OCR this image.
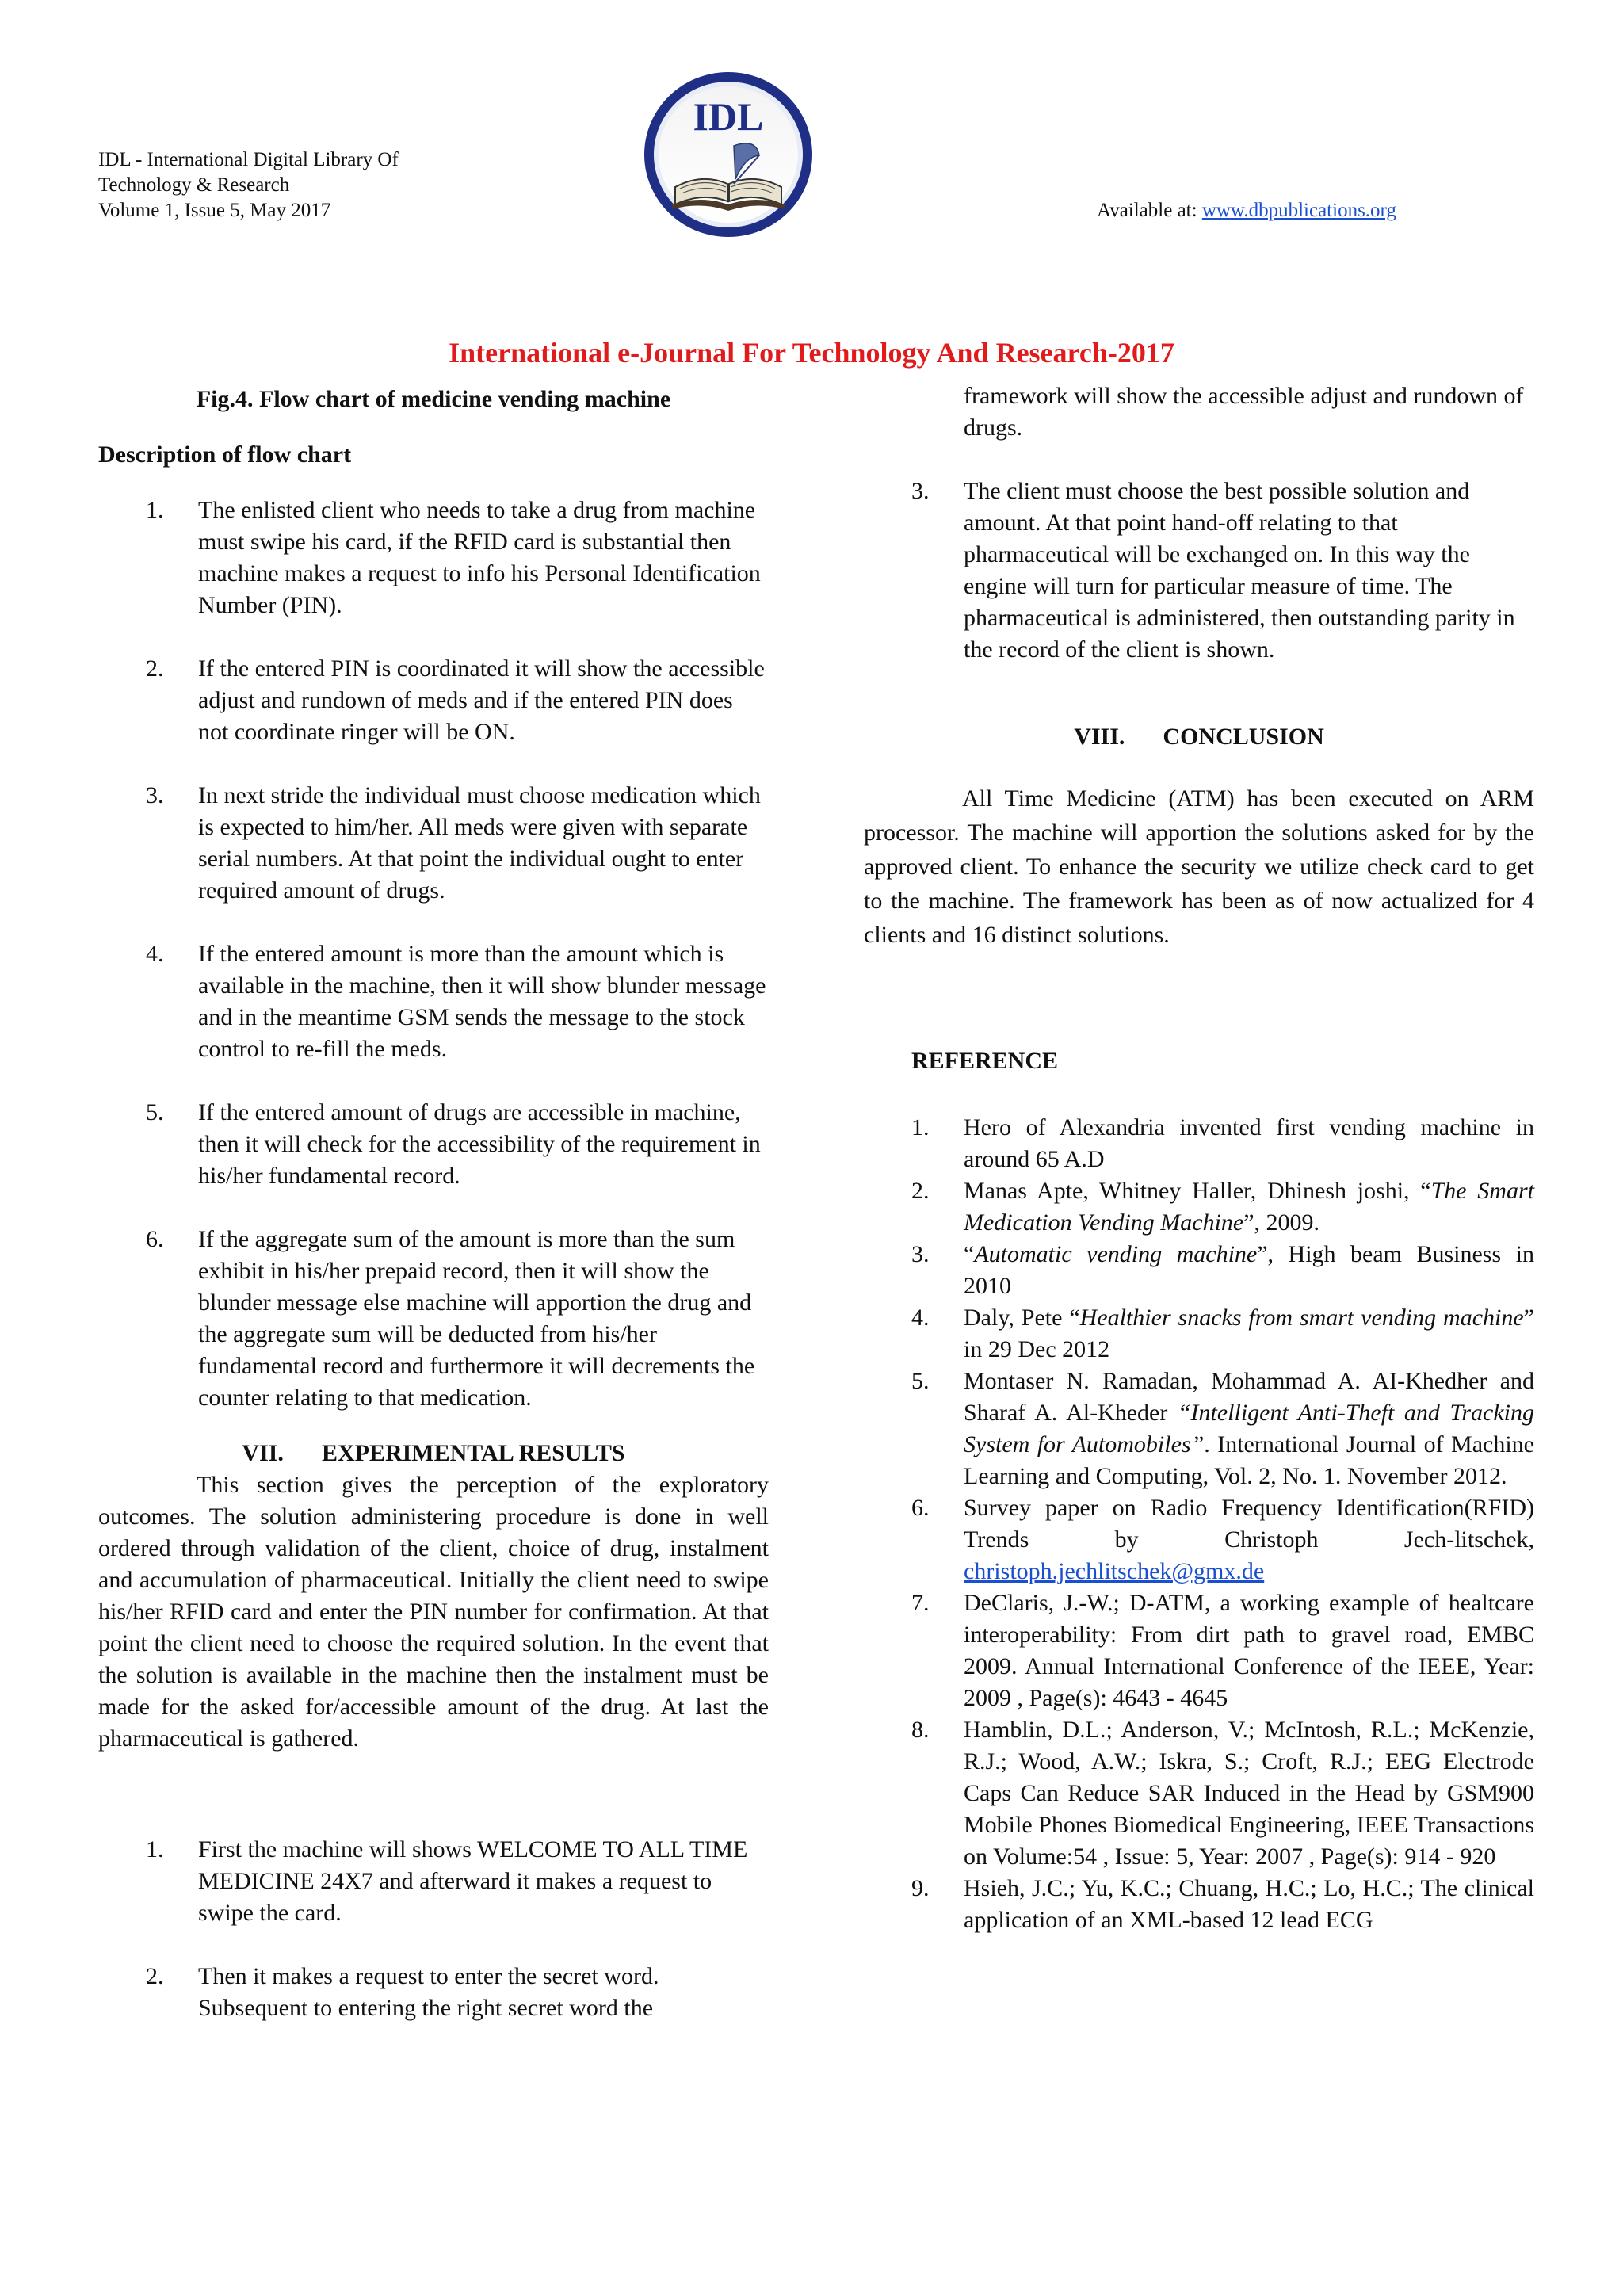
IDL - International Digital Library Of
Technology & Research
Volume 1, Issue 5, May 2017
IDL
Available at: www.dbpublications.org
International e-Journal For Technology And Research-2017
Fig.4. Flow chart of medicine vending machine
Description of flow chart
1. The enlisted client who needs to take a drug from machine must swipe his card, if the RFID card is substantial then machine makes a request to info his Personal Identification Number (PIN).
2. If the entered PIN is coordinated it will show the accessible adjust and rundown of meds and if the entered PIN does not coordinate ringer will be ON.
3. In next stride the individual must choose medication which is expected to him/her. All meds were given with separate serial numbers. At that point the individual ought to enter required amount of drugs.
4. If the entered amount is more than the amount which is available in the machine, then it will show blunder message and in the meantime GSM sends the message to the stock control to re-fill the meds.
5. If the entered amount of drugs are accessible in machine, then it will check for the accessibility of the requirement in his/her fundamental record.
6. If the aggregate sum of the amount is more than the sum exhibit in his/her prepaid record, then it will show the blunder message else machine will apportion the drug and the aggregate sum will be deducted from his/her fundamental record and furthermore it will decrements the counter relating to that medication.
VII. EXPERIMENTAL RESULTS
This section gives the perception of the exploratory outcomes. The solution administering procedure is done in well ordered through validation of the client, choice of drug, instalment and accumulation of pharmaceutical. Initially the client need to swipe his/her RFID card and enter the PIN number for confirmation. At that point the client need to choose the required solution. In the event that the solution is available in the machine then the instalment must be made for the asked for/accessible amount of the drug. At last the pharmaceutical is gathered.
1. First the machine will shows WELCOME TO ALL TIME MEDICINE 24X7 and afterward it makes a request to swipe the card.
2. Then it makes a request to enter the secret word. Subsequent to entering the right secret word the
framework will show the accessible adjust and rundown of drugs.
3. The client must choose the best possible solution and amount. At that point hand-off relating to that pharmaceutical will be exchanged on. In this way the engine will turn for particular measure of time. The pharmaceutical is administered, then outstanding parity in the record of the client is shown.
VIII. CONCLUSION
All Time Medicine (ATM) has been executed on ARM processor. The machine will apportion the solutions asked for by the approved client. To enhance the security we utilize check card to get to the machine. The framework has been as of now actualized for 4 clients and 16 distinct solutions.
REFERENCE
1. Hero of Alexandria invented first vending machine in around 65 A.D
2. Manas Apte, Whitney Haller, Dhinesh joshi, “The Smart Medication Vending Machine”, 2009.
3. “Automatic vending machine”, High beam Business in 2010
4. Daly, Pete “Healthier snacks from smart vending machine” in 29 Dec 2012
5. Montaser N. Ramadan, Mohammad A. AI-Khedher and Sharaf A. Al-Kheder “Intelligent Anti-Theft and Tracking System for Automobiles”. International Journal of Machine Learning and Computing, Vol. 2, No. 1. November 2012.
6. Survey paper on Radio Frequency Identification(RFID) Trends by Christoph Jech-litschek, christoph.jechlitschek@gmx.de
7. DeClaris, J.-W.; D-ATM, a working example of healtcare interoperability: From dirt path to gravel road, EMBC 2009. Annual International Conference of the IEEE, Year: 2009 , Page(s): 4643 - 4645
8. Hamblin, D.L.; Anderson, V.; McIntosh, R.L.; McKenzie, R.J.; Wood, A.W.; Iskra, S.; Croft, R.J.; EEG Electrode Caps Can Reduce SAR Induced in the Head by GSM900 Mobile Phones Biomedical Engineering, IEEE Transactions on Volume:54 , Issue: 5, Year: 2007 , Page(s): 914 - 920
9. Hsieh, J.C.; Yu, K.C.; Chuang, H.C.; Lo, H.C.; The clinical application of an XML-based 12 lead ECG
